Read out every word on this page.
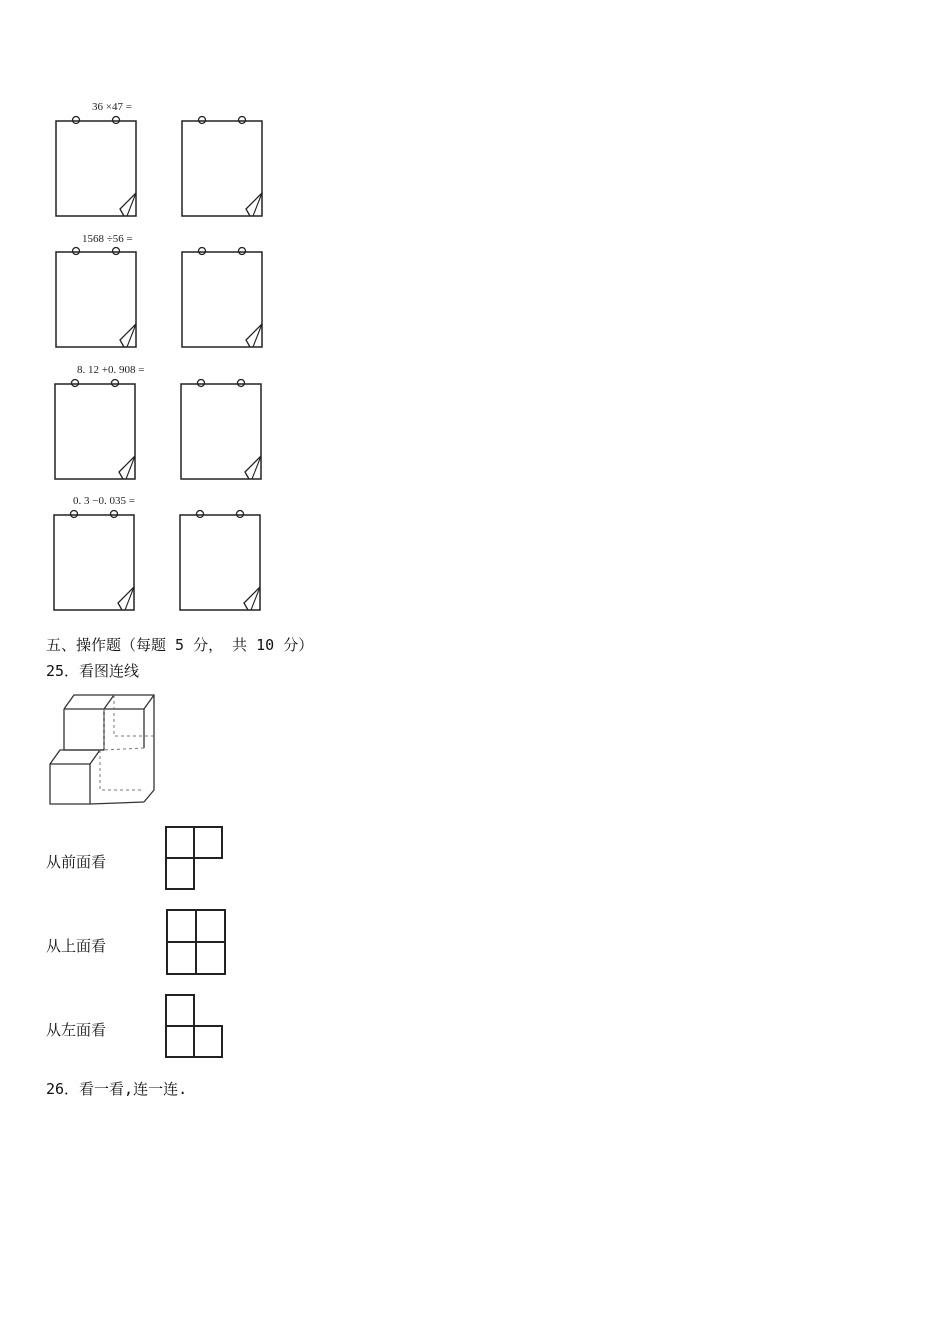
36 ×47 =
1568 ÷56 =
8. 12 +0. 908 =
0. 3 −0. 035 =
五、操作题（每题 5 分， 共 10 分）
25．看图连线
从前面看
从上面看
从左面看
26．看一看,连一连.
